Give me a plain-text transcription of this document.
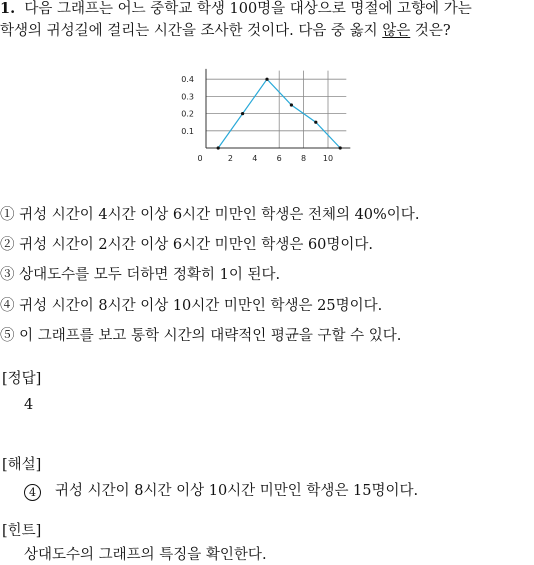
1. 다음 그래프는 어느 중학교 학생 100명을 대상으로 명절에 고향에 가는
학생의 귀성길에 걸리는 시간을 조사한 것이다. 다음 중 옳지 않은 것은?
0.1
0.2
0.3
0.4
0	2 4 6 8 10
① 귀성 시간이 4시간 이상 6시간 미만인 학생은 전체의 40%이다.
② 귀성 시간이 2시간 이상 6시간 미만인 학생은 60명이다.
③ 상대도수를 모두 더하면 정확히 1이 된다.
④ 귀성 시간이 8시간 이상 10시간 미만인 학생은 25명이다.
⑤ 이 그래프를 보고 통학 시간의 대략적인 평균을 구할 수 있다.
[정답]
4
[해설]
4 귀성 시간이 8시간 이상 10시간 미만인 학생은 15명이다.
[힌트]
상대도수의 그래프의 특징을 확인한다.
